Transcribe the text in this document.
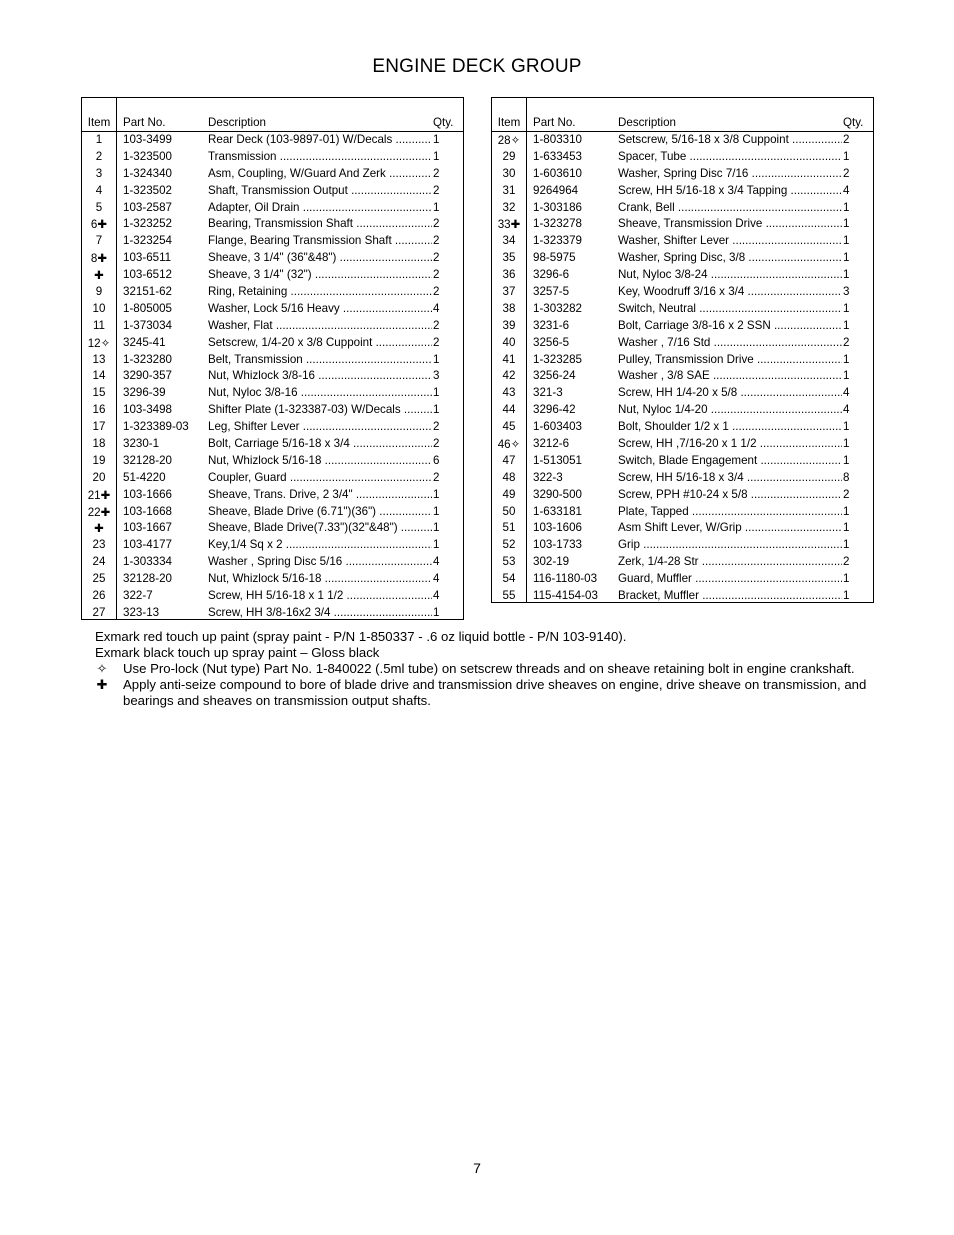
ENGINE DECK GROUP
Item	Part No.	Description	Qty.
1	103-3499	Rear Deck (103-9897-01) W/Decals .....	1
2	1-323500	Transmission .....	1
3	1-324340	Asm, Coupling, W/Guard And Zerk .....	2
4	1-323502	Shaft, Transmission Output .....	2
5	103-2587	Adapter, Oil Drain .....	1
6✚	1-323252	Bearing, Transmission Shaft .....	2
7	1-323254	Flange, Bearing Transmission Shaft .....	2
8✚	103-6511	Sheave, 3 1/4" (36"&48") .....	2
✚	103-6512	Sheave, 3 1/4" (32") .....	2
9	32151-62	Ring, Retaining .....	2
10	1-805005	Washer, Lock 5/16 Heavy .....	4
11	1-373034	Washer, Flat .....	2
12✧	3245-41	Setscrew, 1/4-20 x 3/8 Cuppoint .....	2
13	1-323280	Belt, Transmission .....	1
14	3290-357	Nut, Whizlock 3/8-16 .....	3
15	3296-39	Nut, Nyloc 3/8-16 .....	1
16	103-3498	Shifter Plate (1-323387-03) W/Decals .....	1
17	1-323389-03 Leg, Shifter Lever .....	2
18	3230-1	Bolt, Carriage 5/16-18 x 3/4 .....	2
19	32128-20	Nut, Whizlock 5/16-18 .....	6
20	51-4220	Coupler, Guard .....	2
21✚	103-1666	Sheave, Trans. Drive, 2 3/4" .....	1
22✚	103-1668	Sheave, Blade Drive (6.71")(36") .....	1
✚	103-1667	Sheave, Blade Drive(7.33")(32"&48") .....	1
23	103-4177	Key,1/4 Sq x 2 .....	1
24	1-303334	Washer , Spring Disc 5/16 .....	4
25	32128-20	Nut, Whizlock 5/16-18 .....	4
26	322-7	Screw, HH 5/16-18 x 1 1/2 .....	4
27	323-13	Screw, HH 3/8-16x2 3/4 .....	1
Item	Part No.	Description	Qty.
28✧	1-803310	Setscrew, 5/16-18 x 3/8 Cuppoint .....	2
29	1-633453	Spacer, Tube .....	1
30	1-603610	Washer, Spring Disc 7/16 .....	2
31	9264964	Screw, HH 5/16-18 x 3/4 Tapping .....	4
32	1-303186	Crank, Bell .....	1
33✚	1-323278	Sheave, Transmission Drive .....	1
34	1-323379	Washer, Shifter Lever .....	1
35	98-5975	Washer, Spring Disc, 3/8 .....	1
36	3296-6	Nut, Nyloc 3/8-24 .....	1
37	3257-5	Key, Woodruff 3/16 x 3/4 .....	3
38	1-303282	Switch, Neutral .....	1
39	3231-6	Bolt, Carriage 3/8-16 x 2 SSN .....	1
40	3256-5	Washer , 7/16 Std .....	2
41	1-323285	Pulley, Transmission Drive .....	1
42	3256-24	Washer , 3/8 SAE .....	1
43	321-3	Screw, HH 1/4-20 x 5/8 .....	4
44	3296-42	Nut, Nyloc 1/4-20 .....	4
45	1-603403	Bolt, Shoulder 1/2 x 1 .....	1
46✧	3212-6	Screw, HH ,7/16-20 x 1 1/2 .....	1
47	1-513051	Switch, Blade Engagement .....	1
48	322-3	Screw, HH 5/16-18 x 3/4 .....	8
49	3290-500	Screw, PPH #10-24 x 5/8 .....	2
50	1-633181	Plate, Tapped .....	1
51	103-1606	Asm Shift Lever, W/Grip .....	1
52	103-1733	Grip .....	1
53	302-19	Zerk, 1/4-28 Str .....	2
54	116-1180-03 Guard, Muffler .....	1
55	115-4154-03 Bracket, Muffler .....	1
Exmark red touch up paint (spray paint - P/N 1-850337 - .6 oz liquid bottle - P/N 103-9140).
Exmark black touch up spray paint – Gloss black
✧	Use Pro-lock (Nut type) Part No. 1-840022 (.5ml tube) on setscrew threads and on sheave retaining bolt in engine crankshaft.
✚	Apply anti-seize compound to bore of blade drive and transmission drive sheaves on engine, drive sheave on transmission, and bearings and sheaves on transmission output shafts.
7
